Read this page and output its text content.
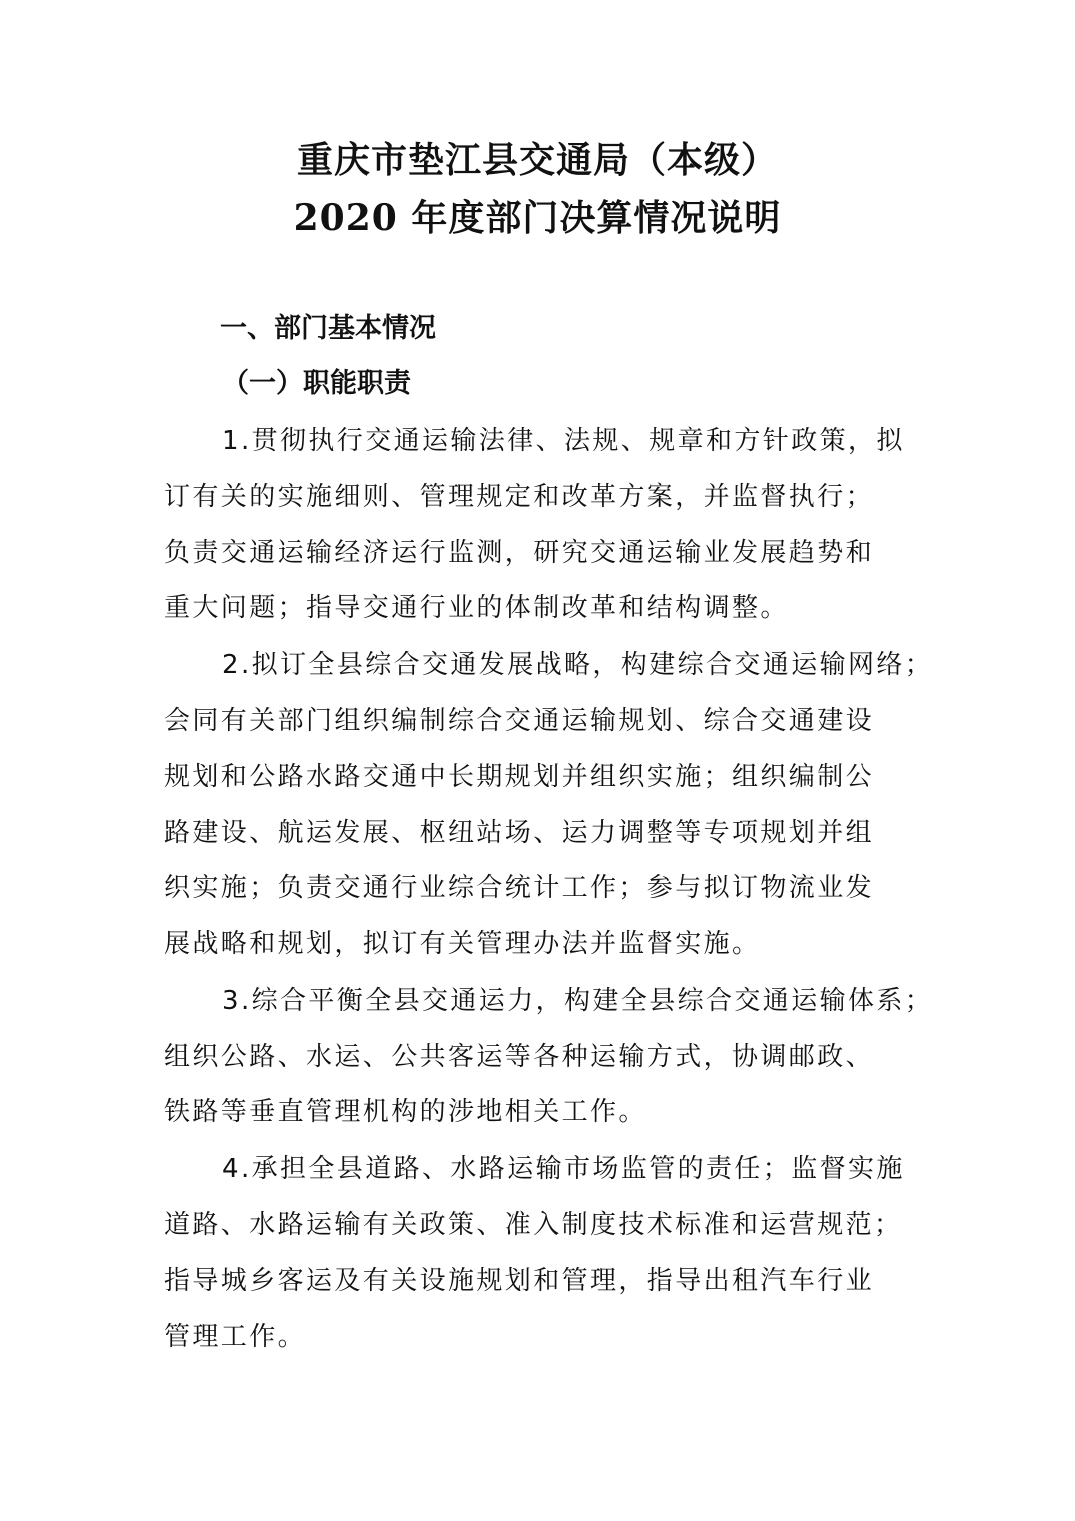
重庆市垫江县交通局（本级）
2020 年度部门决算情况说明
一、部门基本情况
（一）职能职责
1.贯彻执行交通运输法律、法规、规章和方针政策，拟
订有关的实施细则、管理规定和改革方案，并监督执行；
负责交通运输经济运行监测，研究交通运输业发展趋势和
重大问题；指导交通行业的体制改革和结构调整。
2.拟订全县综合交通发展战略，构建综合交通运输网络；
会同有关部门组织编制综合交通运输规划、综合交通建设
规划和公路水路交通中长期规划并组织实施；组织编制公
路建设、航运发展、枢纽站场、运力调整等专项规划并组
织实施；负责交通行业综合统计工作；参与拟订物流业发
展战略和规划，拟订有关管理办法并监督实施。
3.综合平衡全县交通运力，构建全县综合交通运输体系；
组织公路、水运、公共客运等各种运输方式，协调邮政、
铁路等垂直管理机构的涉地相关工作。
4.承担全县道路、水路运输市场监管的责任；监督实施
道路、水路运输有关政策、准入制度技术标准和运营规范；
指导城乡客运及有关设施规划和管理，指导出租汽车行业
管理工作。
